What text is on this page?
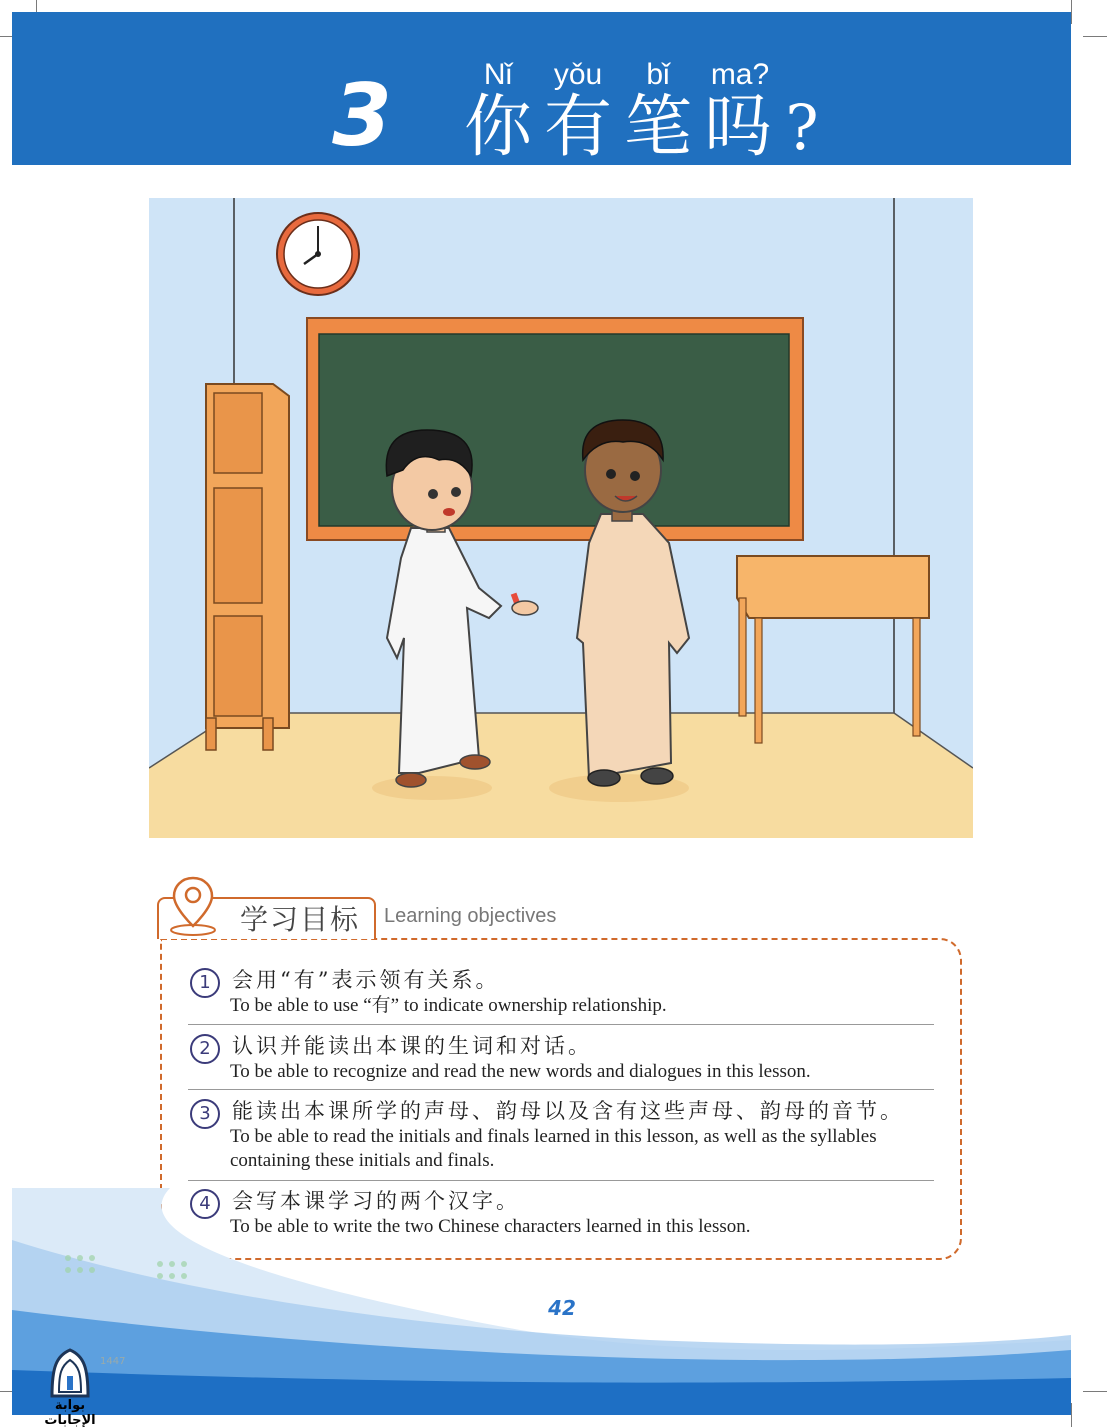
3	Nǐ	yǒu	bǐ	ma?
你 有 笔 吗 ?
学习目标 Learning objectives
1	会用“有”表示领有关系。
To be able to use “有” to indicate ownership relationship.
2	认识并能读出本课的生词和对话。
To be able to recognize and read the new words and dialogues in this lesson.
3	能读出本课所学的声母、韵母以及含有这些声母、韵母的音节。
To be able to read the initials and finals learned in this lesson, as well as the syllables containing these initials and finals.
4	会写本课学习的两个汉字。
To be able to write the two Chinese characters learned in this lesson.
42
1447
بوابة الإجابات
